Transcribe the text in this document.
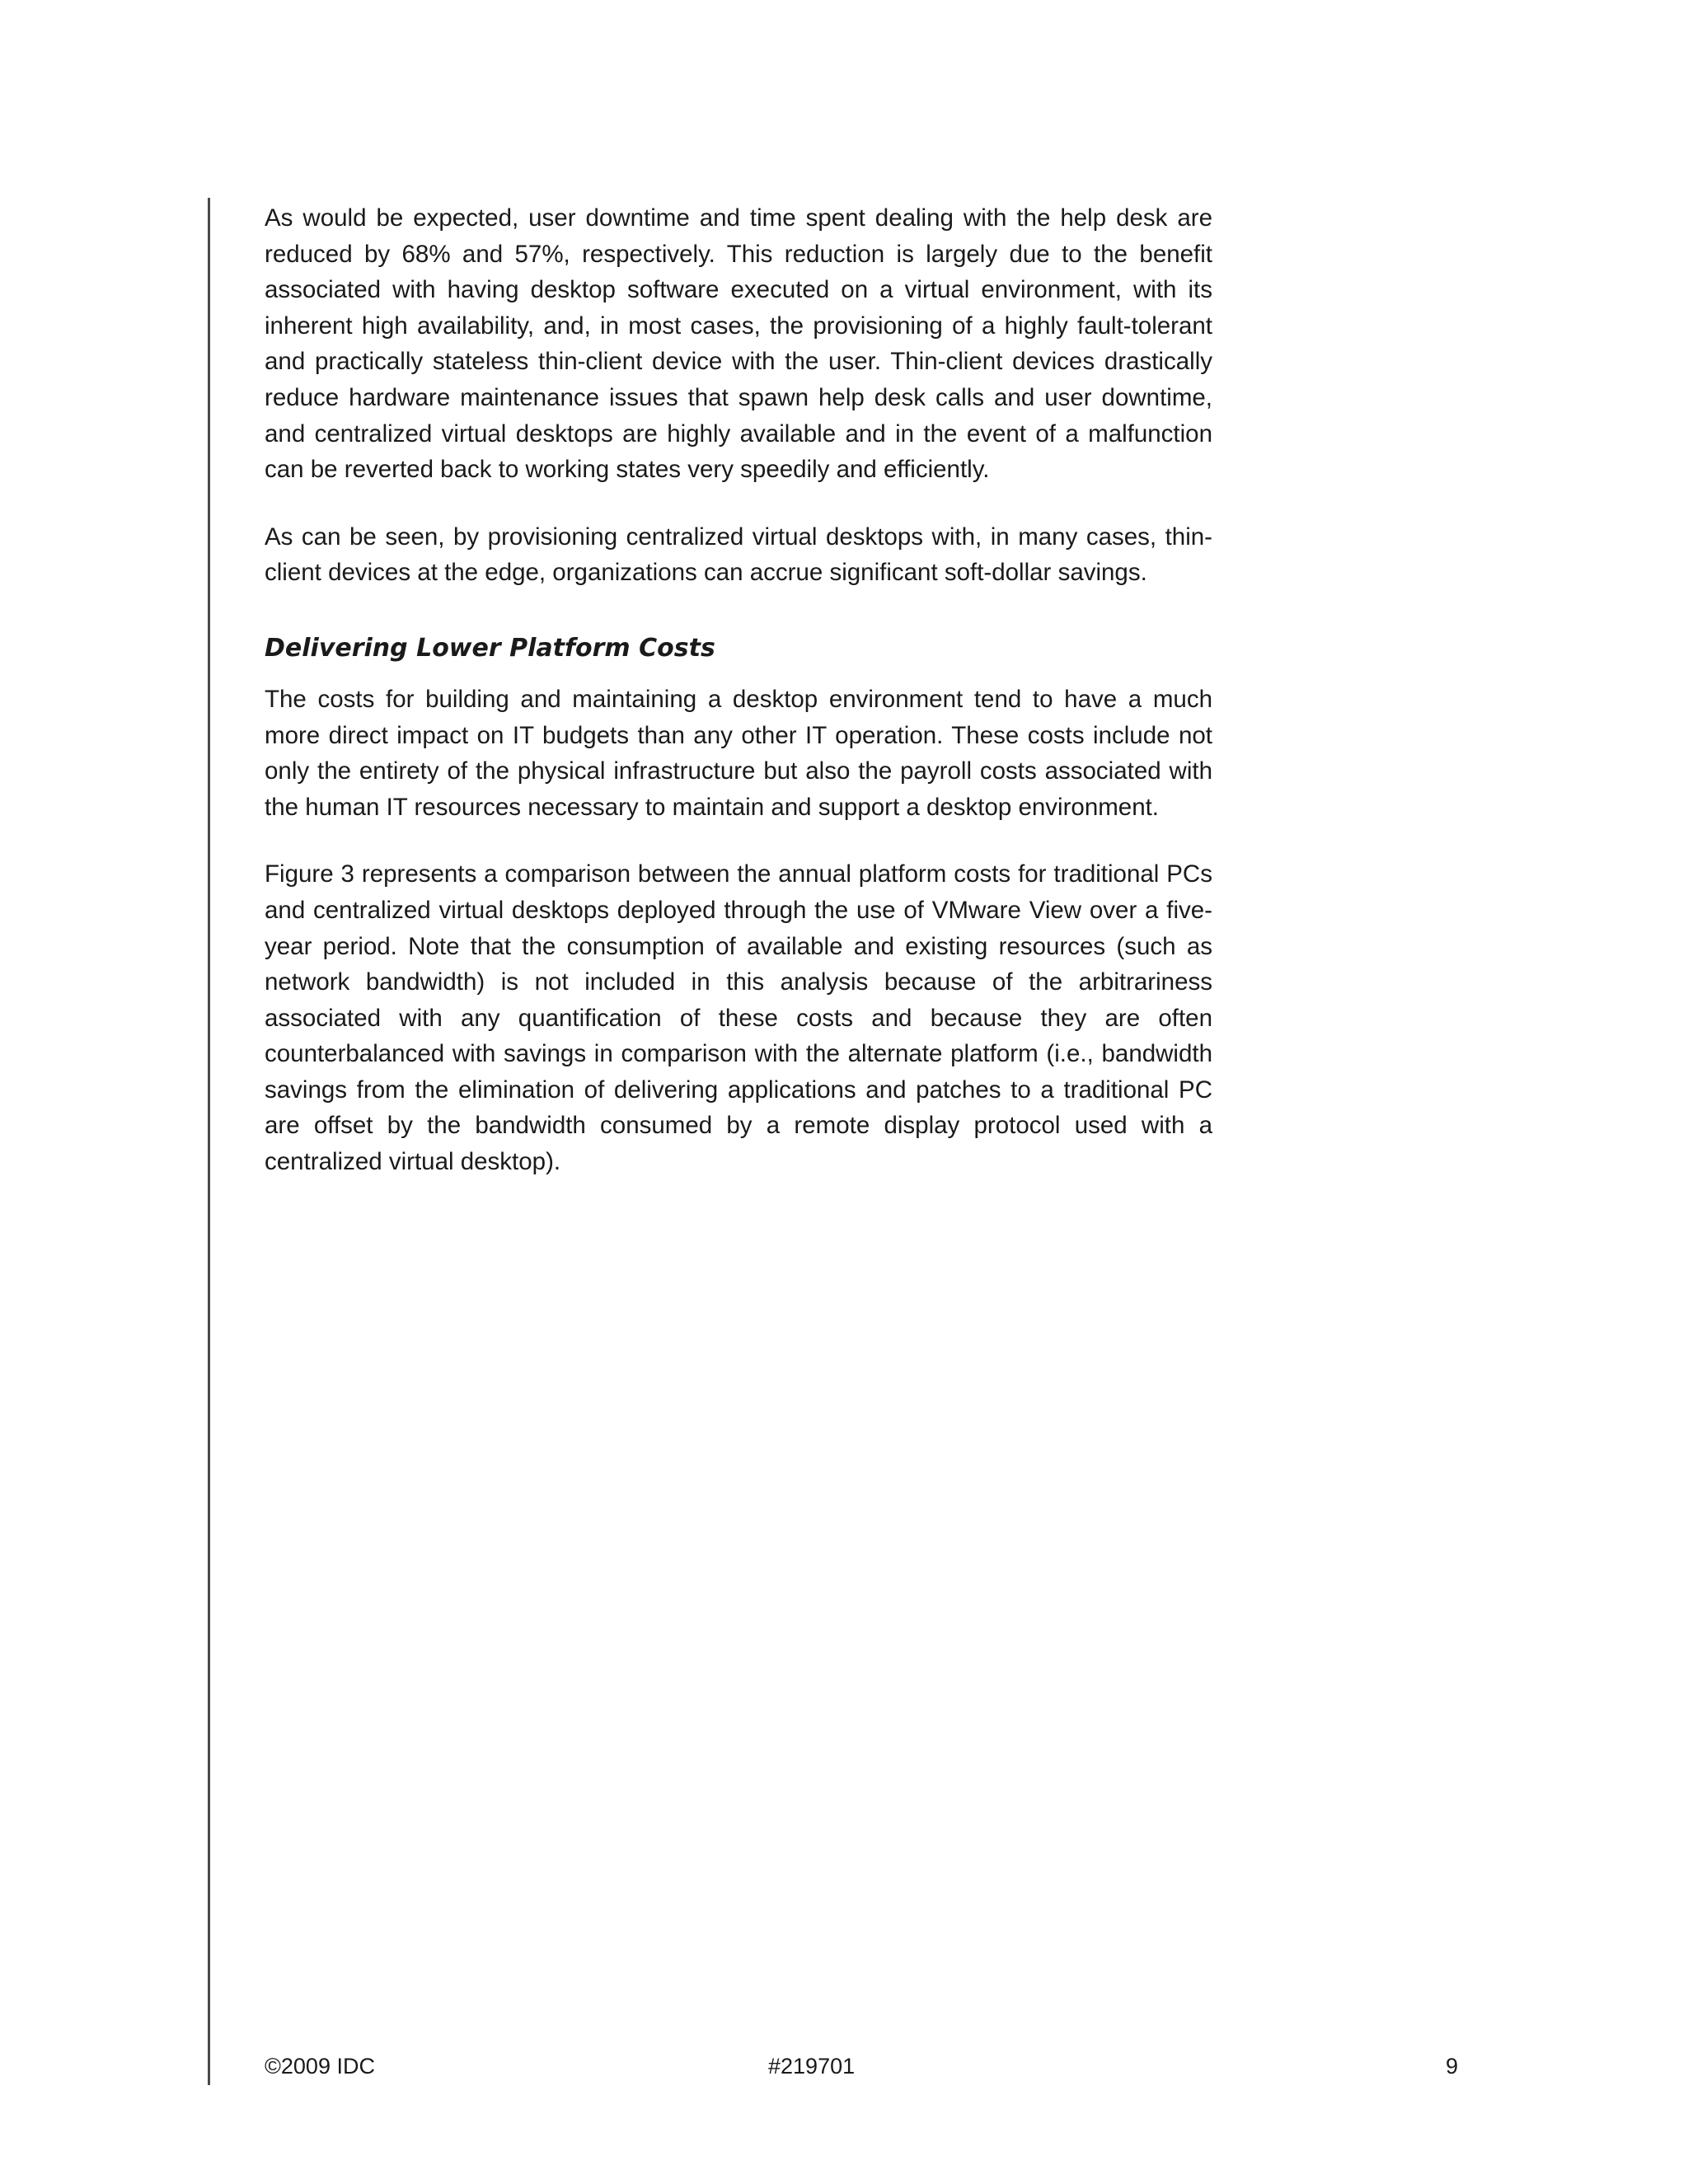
As would be expected, user downtime and time spent dealing with the help desk are reduced by 68% and 57%, respectively. This reduction is largely due to the benefit associated with having desktop software executed on a virtual environment, with its inherent high availability, and, in most cases, the provisioning of a highly fault-tolerant and practically stateless thin-client device with the user. Thin-client devices drastically reduce hardware maintenance issues that spawn help desk calls and user downtime, and centralized virtual desktops are highly available and in the event of a malfunction can be reverted back to working states very speedily and efficiently.

As can be seen, by provisioning centralized virtual desktops with, in many cases, thin-client devices at the edge, organizations can accrue significant soft-dollar savings.

Delivering Lower Platform Costs

The costs for building and maintaining a desktop environment tend to have a much more direct impact on IT budgets than any other IT operation. These costs include not only the entirety of the physical infrastructure but also the payroll costs associated with the human IT resources necessary to maintain and support a desktop environment.

Figure 3 represents a comparison between the annual platform costs for traditional PCs and centralized virtual desktops deployed through the use of VMware View over a five-year period. Note that the consumption of available and existing resources (such as network bandwidth) is not included in this analysis because of the arbitrariness associated with any quantification of these costs and because they are often counterbalanced with savings in comparison with the alternate platform (i.e., bandwidth savings from the elimination of delivering applications and patches to a traditional PC are offset by the bandwidth consumed by a remote display protocol used with a centralized virtual desktop).

©2009 IDC	#219701	9
